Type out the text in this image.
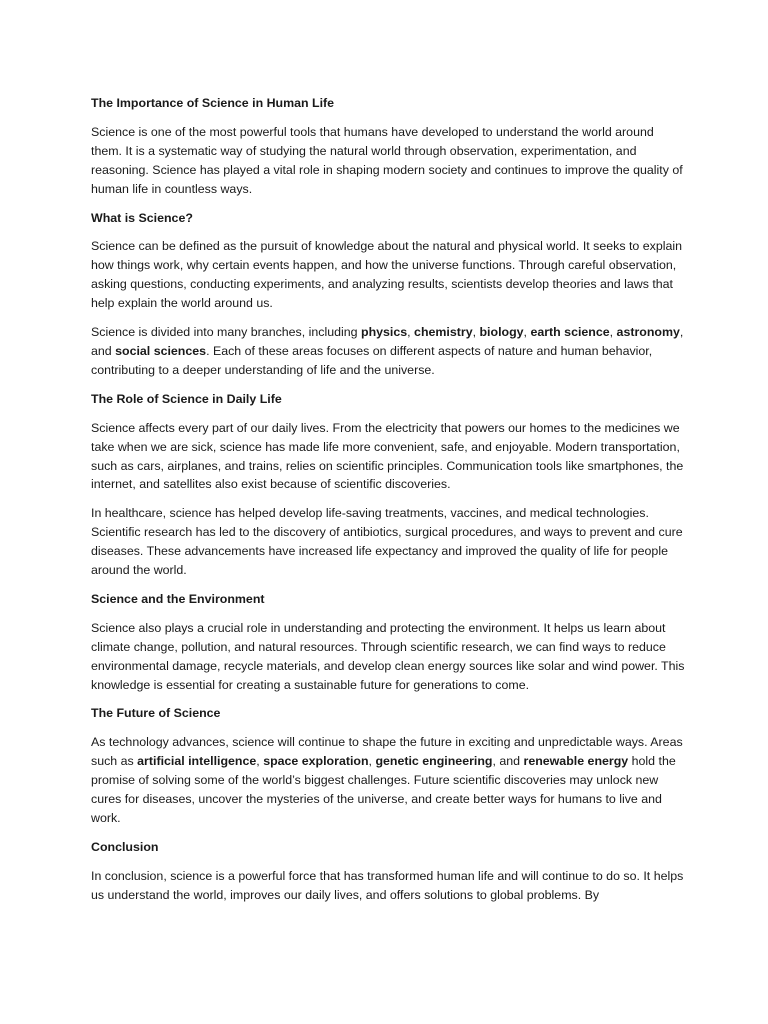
The Importance of Science in Human Life

Science is one of the most powerful tools that humans have developed to understand the world around them. It is a systematic way of studying the natural world through observation, experimentation, and reasoning. Science has played a vital role in shaping modern society and continues to improve the quality of human life in countless ways.

What is Science?

Science can be defined as the pursuit of knowledge about the natural and physical world. It seeks to explain how things work, why certain events happen, and how the universe functions. Through careful observation, asking questions, conducting experiments, and analyzing results, scientists develop theories and laws that help explain the world around us.

Science is divided into many branches, including physics, chemistry, biology, earth science, astronomy, and social sciences. Each of these areas focuses on different aspects of nature and human behavior, contributing to a deeper understanding of life and the universe.

The Role of Science in Daily Life

Science affects every part of our daily lives. From the electricity that powers our homes to the medicines we take when we are sick, science has made life more convenient, safe, and enjoyable. Modern transportation, such as cars, airplanes, and trains, relies on scientific principles. Communication tools like smartphones, the internet, and satellites also exist because of scientific discoveries.

In healthcare, science has helped develop life-saving treatments, vaccines, and medical technologies. Scientific research has led to the discovery of antibiotics, surgical procedures, and ways to prevent and cure diseases. These advancements have increased life expectancy and improved the quality of life for people around the world.

Science and the Environment

Science also plays a crucial role in understanding and protecting the environment. It helps us learn about climate change, pollution, and natural resources. Through scientific research, we can find ways to reduce environmental damage, recycle materials, and develop clean energy sources like solar and wind power. This knowledge is essential for creating a sustainable future for generations to come.

The Future of Science

As technology advances, science will continue to shape the future in exciting and unpredictable ways. Areas such as artificial intelligence, space exploration, genetic engineering, and renewable energy hold the promise of solving some of the world’s biggest challenges. Future scientific discoveries may unlock new cures for diseases, uncover the mysteries of the universe, and create better ways for humans to live and work.

Conclusion

In conclusion, science is a powerful force that has transformed human life and will continue to do so. It helps us understand the world, improves our daily lives, and offers solutions to global problems. By
